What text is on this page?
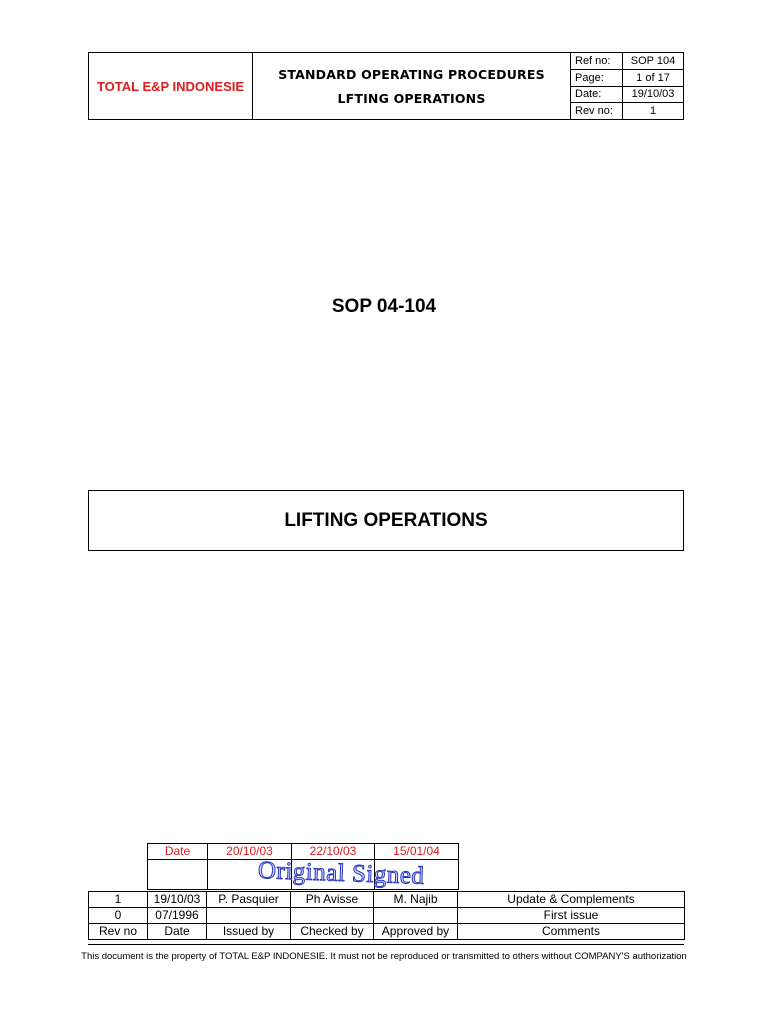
TOTAL E&P INDONESIE
STANDARD OPERATING PROCEDURES
LFTING OPERATIONS
Ref no:	SOP 104
Page:	1 of 17
Date:	19/10/03
Rev no:	1
SOP 04-104
LIFTING OPERATIONS
Date	20/10/03	22/10/03	15/01/04

Original Signed
1	19/10/03	P. Pasquier	Ph Avisse	M. Najib	Update & Complements
0	07/1996				First issue
Rev no	Date	Issued by	Checked by	Approved by	Comments
This document is the property of TOTAL E&P INDONESIE. It must not be reproduced or transmitted to others without COMPANY'S authorization
